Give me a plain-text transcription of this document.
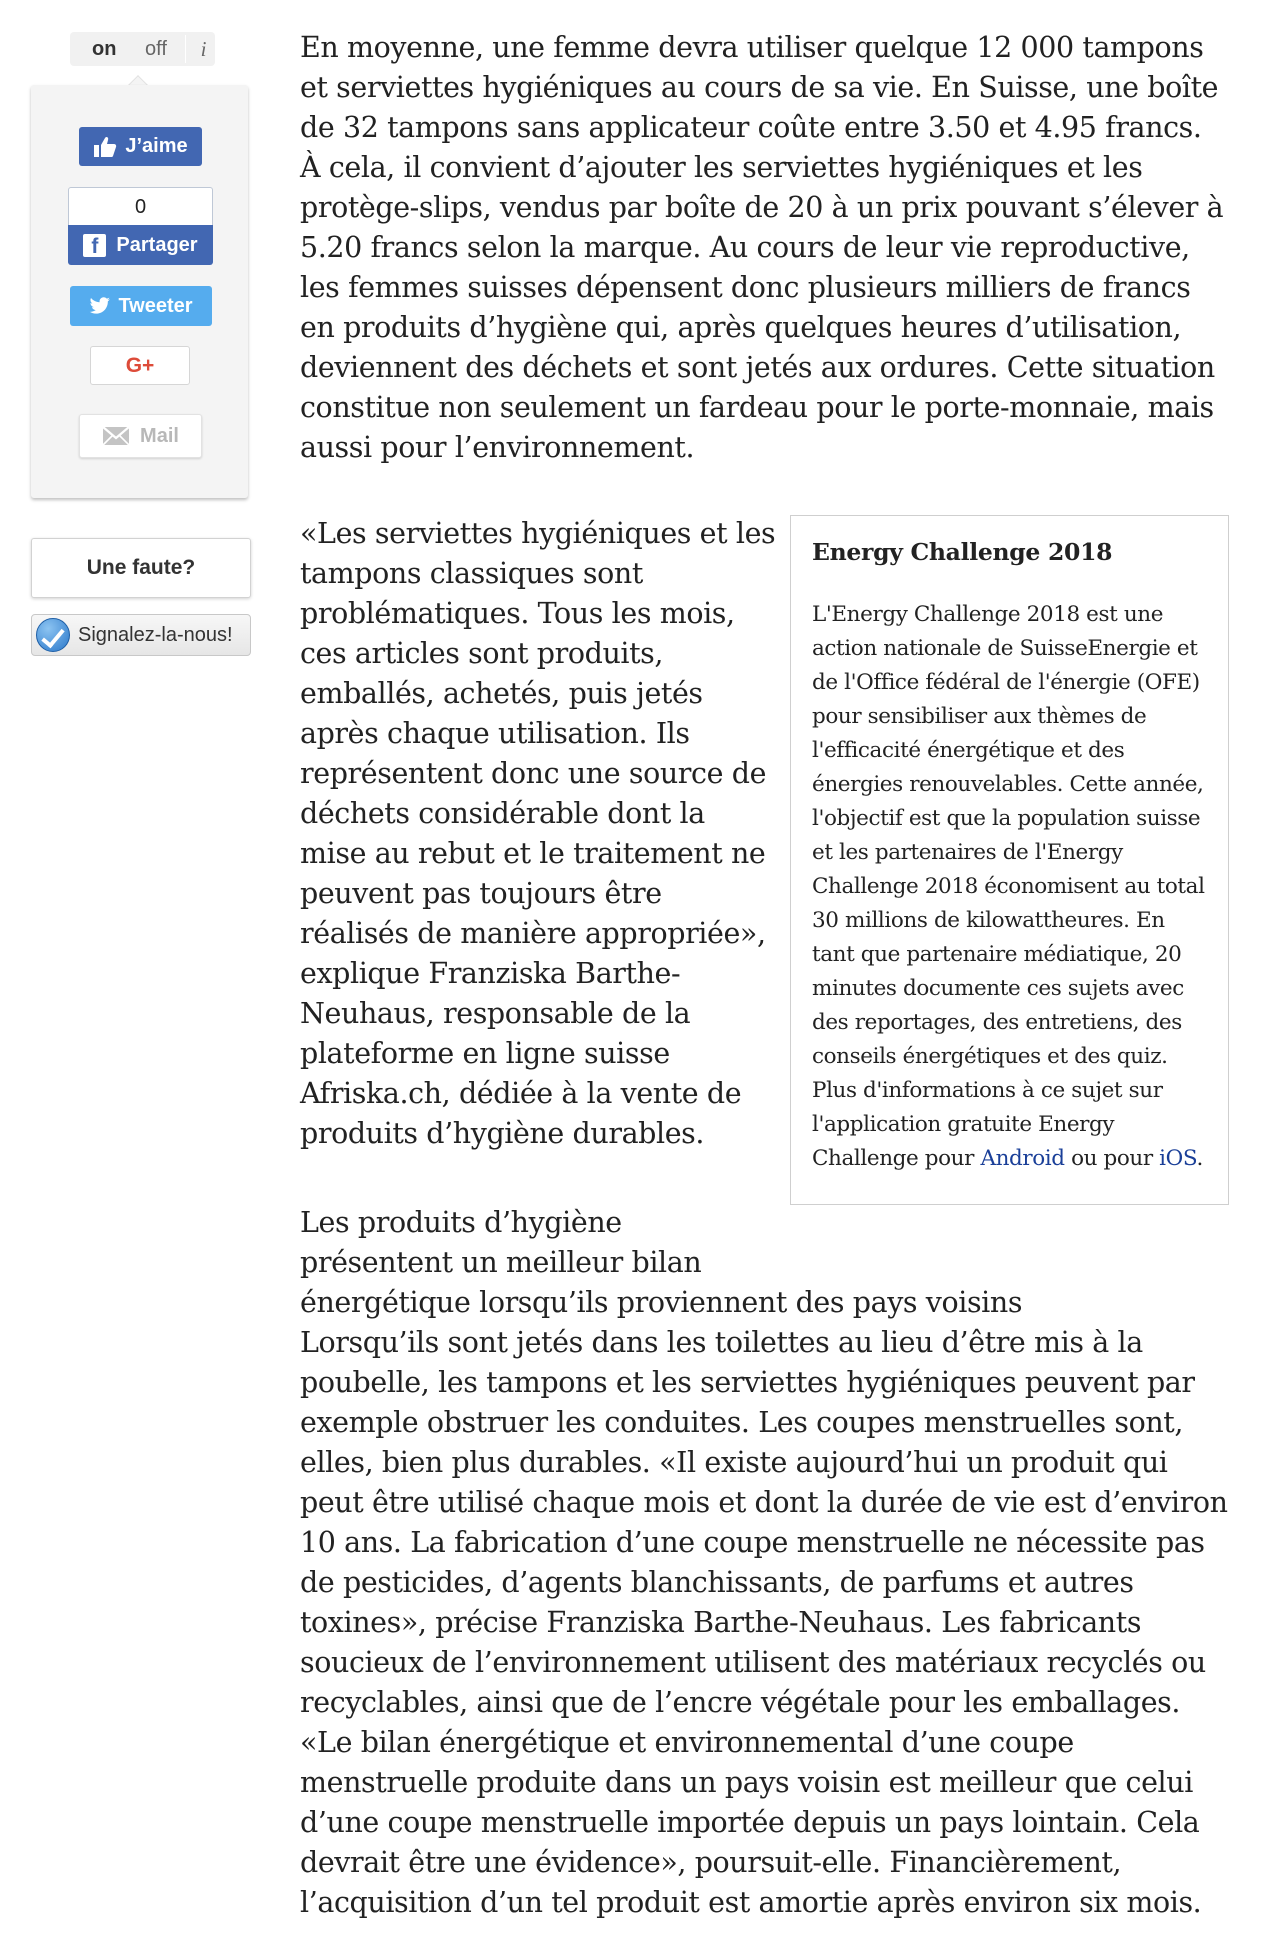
on off	i
J’aime
0
f Partager
Tweeter
G+
Mail
Une faute?
Signalez-la-nous!

En moyenne, une femme devra utiliser quelque 12 000 tampons et serviettes hygiéniques au cours de sa vie. En Suisse, une boîte de 32 tampons sans applicateur coûte entre 3.50 et 4.95 francs. À cela, il convient d’ajouter les serviettes hygiéniques et les protège-slips, vendus par boîte de 20 à un prix pouvant s’élever à 5.20 francs selon la marque. Au cours de leur vie reproductive, les femmes suisses dépensent donc plusieurs milliers de francs en produits d’hygiène qui, après quelques heures d’utilisation, deviennent des déchets et sont jetés aux ordures. Cette situation constitue non seulement un fardeau pour le porte-monnaie, mais aussi pour l’environnement.

«Les serviettes hygiéniques et les tampons classiques sont problématiques. Tous les mois, ces articles sont produits, emballés, achetés, puis jetés après chaque utilisation. Ils représentent donc une source de déchets considérable dont la mise au rebut et le traitement ne peuvent pas toujours être réalisés de manière appropriée», explique Franziska Barthe-Neuhaus, responsable de la plateforme en ligne suisse Afriska.ch, dédiée à la vente de produits d’hygiène durables.

Energy Challenge 2018

L'Energy Challenge 2018 est une action nationale de SuisseEnergie et de l'Office fédéral de l'énergie (OFE) pour sensibiliser aux thèmes de l'efficacité énergétique et des énergies renouvelables. Cette année, l'objectif est que la population suisse et les partenaires de l'Energy Challenge 2018 économisent au total 30 millions de kilowattheures. En tant que partenaire médiatique, 20 minutes documente ces sujets avec des reportages, des entretiens, des conseils énergétiques et des quiz. Plus d'informations à ce sujet sur l'application gratuite Energy Challenge pour Android ou pour iOS.

Les produits d’hygiène
présentent un meilleur bilan
énergétique lorsqu’ils proviennent des pays voisins
Lorsqu’ils sont jetés dans les toilettes au lieu d’être mis à la poubelle, les tampons et les serviettes hygiéniques peuvent par exemple obstruer les conduites. Les coupes menstruelles sont, elles, bien plus durables. «Il existe aujourd’hui un produit qui peut être utilisé chaque mois et dont la durée de vie est d’environ 10 ans. La fabrication d’une coupe menstruelle ne nécessite pas de pesticides, d’agents blanchissants, de parfums et autres toxines», précise Franziska Barthe-Neuhaus. Les fabricants soucieux de l’environnement utilisent des matériaux recyclés ou recyclables, ainsi que de l’encre végétale pour les emballages. «Le bilan énergétique et environnemental d’une coupe menstruelle produite dans un pays voisin est meilleur que celui d’une coupe menstruelle importée depuis un pays lointain. Cela devrait être une évidence», poursuit-elle. Financièrement, l’acquisition d’un tel produit est amortie après environ six mois.
